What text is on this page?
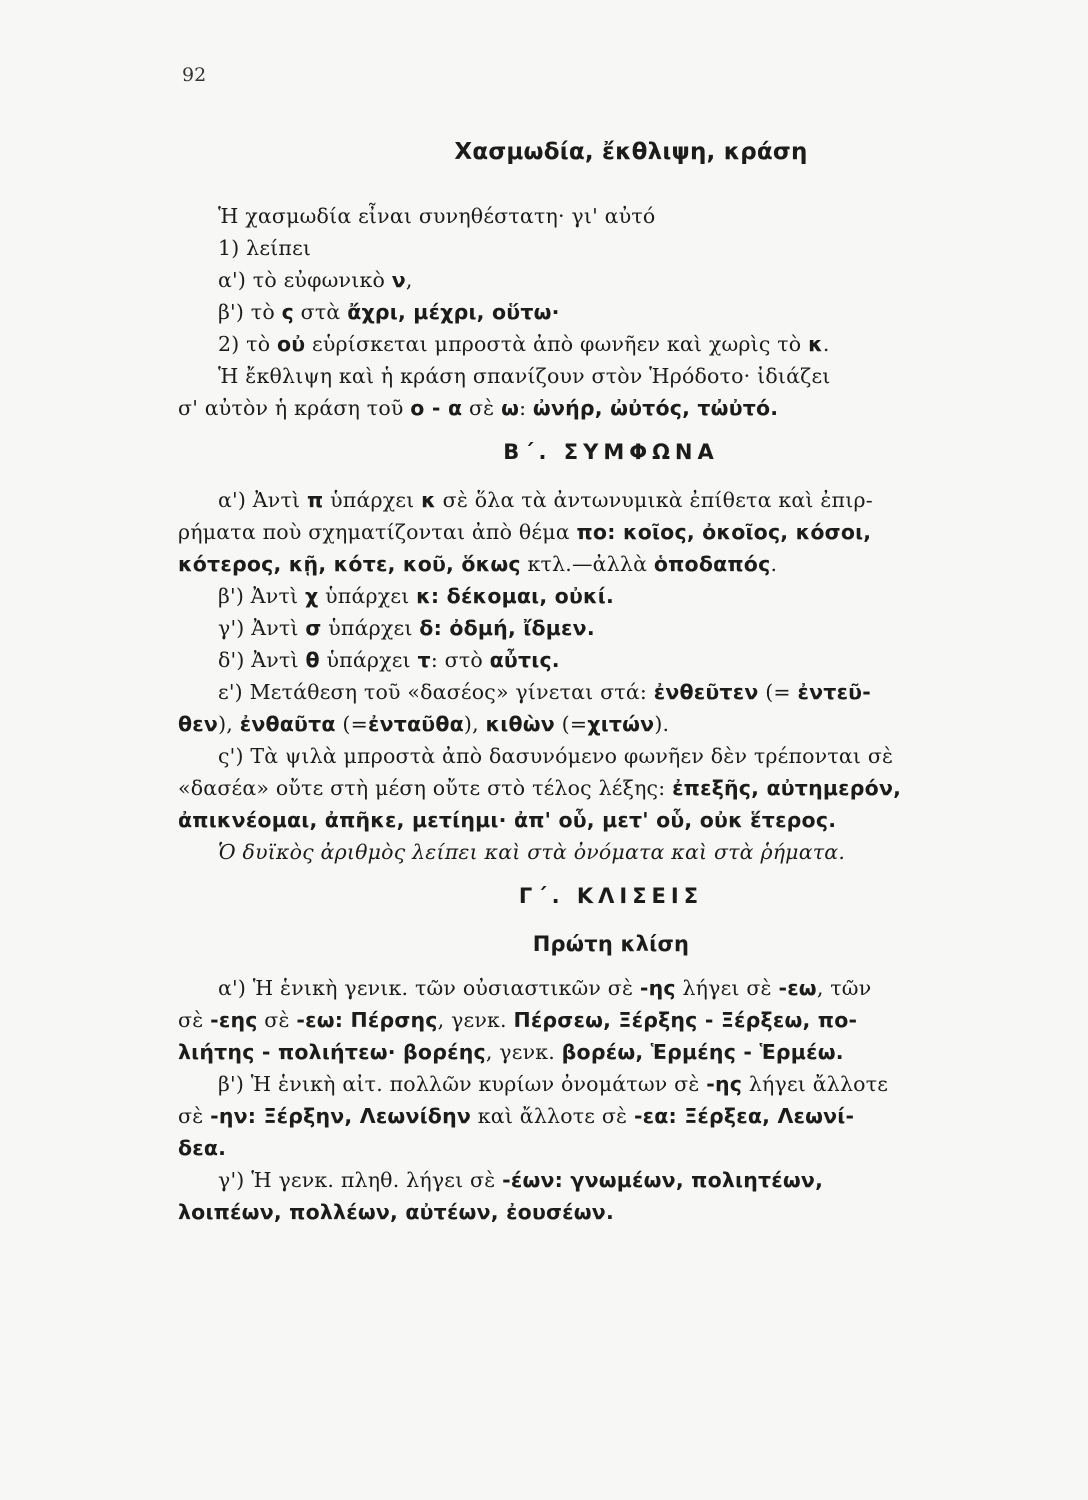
92
Χασμωδία, ἔκθλιψη, κράση

Ἡ χασμωδία εἶναι συνηθέστατη· γι' αὐτό

1) λείπει

α') τὸ εὐφωνικὸ ν,

β') τὸ ς στὰ ἄχρι, μέχρι, οὕτω·

2) τὸ οὐ εὑρίσκεται μπροστὰ ἀπὸ φωνῆεν καὶ χωρὶς τὸ κ.

Ἡ ἔκθλιψη καὶ ἡ κράση σπανίζουν στὸν Ἡρόδοτο· ἰδιάζει

σ' αὐτὸν ἡ κράση τοῦ ο - α σὲ ω: ὠνήρ, ὠὐτός, τὠὐτό.

Β΄. ΣΥΜΦΩΝΑ

α') Ἀντὶ π ὑπάρχει κ σὲ ὅλα τὰ ἀντωνυμικὰ ἐπίθετα καὶ ἐπιρ-
ρήματα ποὺ σχηματίζονται ἀπὸ θέμα πο: κοῖος, ὀκοῖος, κόσοι,
κότερος, κῇ, κότε, κοῦ, ὅκως κτλ.—ἀλλὰ ὁποδαπός.

β') Ἀντὶ χ ὑπάρχει κ: δέκομαι, οὐκί.

γ') Ἀντὶ σ ὑπάρχει δ: ὀδμή, ἴδμεν.

δ') Ἀντὶ θ ὑπάρχει τ: στὸ αὖτις.

ε') Μετάθεση τοῦ «δασέος» γίνεται στά: ἐνθεῦτεν (= ἐντεῦ-
θεν), ἐνθαῦτα (=ἐνταῦθα), κιθὼν (=χιτών).

ς') Τὰ ψιλὰ μπροστὰ ἀπὸ δασυνόμενο φωνῆεν δὲν τρέπονται σὲ
«δασέα» οὔτε στὴ μέση οὔτε στὸ τέλος λέξης: ἐπεξῆς, αὐτημερόν,
ἀπικνέομαι, ἀπῆκε, μετίημι· ἀπ' οὗ, μετ' οὗ, οὐκ ἕτερος.

Ὁ δυϊκὸς ἀριθμὸς λείπει καὶ στὰ ὀνόματα καὶ στὰ ῥήματα.

Γ΄. ΚΛΙΣΕΙΣ
Πρώτη κλίση

α') Ἡ ἑνικὴ γενικ. τῶν οὐσιαστικῶν σὲ -ης λήγει σὲ -εω, τῶν
σὲ -εης σὲ -εω: Πέρσης, γενκ. Πέρσεω, Ξέρξης - Ξέρξεω, πο-
λιήτης - πολιήτεω· βορέης, γενκ. βορέω, Ἑρμέης - Ἑρμέω.

β') Ἡ ἑνικὴ αἰτ. πολλῶν κυρίων ὀνομάτων σὲ -ης λήγει ἄλλοτε
σὲ -ην: Ξέρξην, Λεωνίδην καὶ ἄλλοτε σὲ -εα: Ξέρξεα, Λεωνί-
δεα.

γ') Ἡ γενκ. πληθ. λήγει σὲ -έων: γνωμέων, πολιητέων,
λοιπέων, πολλέων, αὐτέων, ἐουσέων.
